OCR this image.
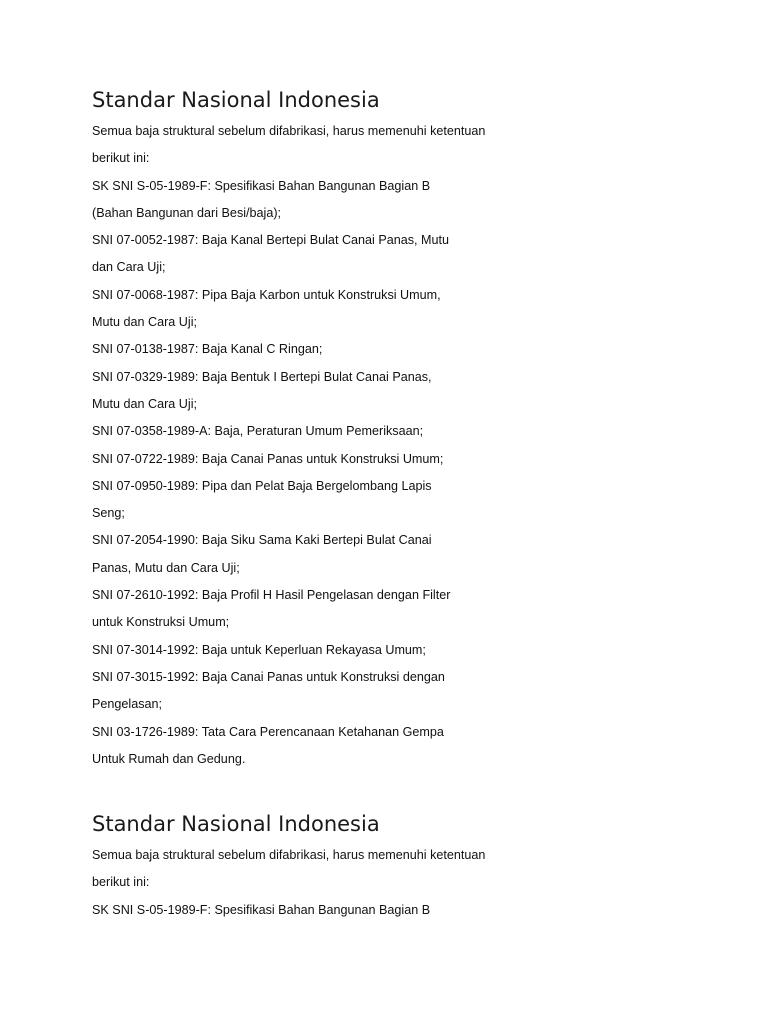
Standar Nasional Indonesia
Semua baja struktural sebelum difabrikasi, harus memenuhi ketentuan
berikut ini:
SK SNI S-05-1989-F: Spesifikasi Bahan Bangunan Bagian B
(Bahan Bangunan dari Besi/baja);
SNI 07-0052-1987: Baja Kanal Bertepi Bulat Canai Panas, Mutu
dan Cara Uji;
SNI 07-0068-1987: Pipa Baja Karbon untuk Konstruksi Umum,
Mutu dan Cara Uji;
SNI 07-0138-1987: Baja Kanal C Ringan;
SNI 07-0329-1989: Baja Bentuk I Bertepi Bulat Canai Panas,
Mutu dan Cara Uji;
SNI 07-0358-1989-A: Baja, Peraturan Umum Pemeriksaan;
SNI 07-0722-1989: Baja Canai Panas untuk Konstruksi Umum;
SNI 07-0950-1989: Pipa dan Pelat Baja Bergelombang Lapis
Seng;
SNI 07-2054-1990: Baja Siku Sama Kaki Bertepi Bulat Canai
Panas, Mutu dan Cara Uji;
SNI 07-2610-1992: Baja Profil H Hasil Pengelasan dengan Filter
untuk Konstruksi Umum;
SNI 07-3014-1992: Baja untuk Keperluan Rekayasa Umum;
SNI 07-3015-1992: Baja Canai Panas untuk Konstruksi dengan
Pengelasan;
SNI 03-1726-1989: Tata Cara Perencanaan Ketahanan Gempa
Untuk Rumah dan Gedung.
Standar Nasional Indonesia
Semua baja struktural sebelum difabrikasi, harus memenuhi ketentuan
berikut ini:
SK SNI S-05-1989-F: Spesifikasi Bahan Bangunan Bagian B
